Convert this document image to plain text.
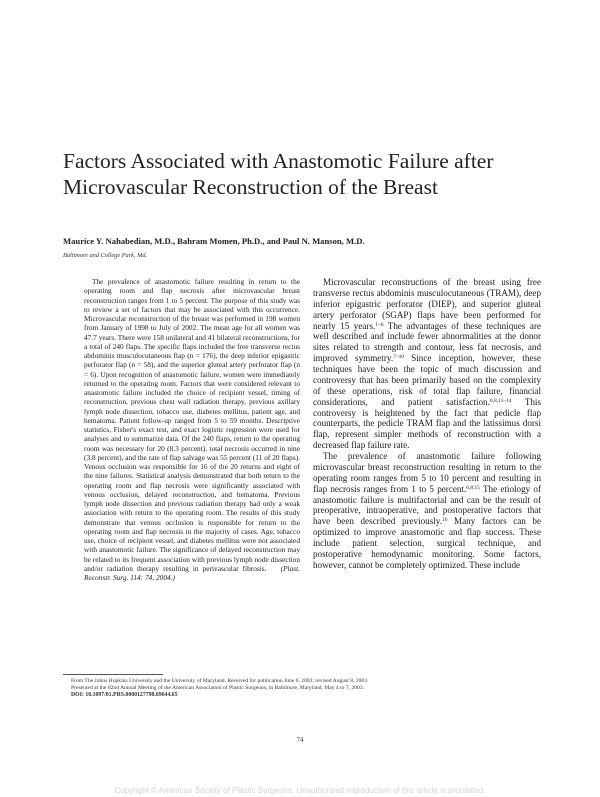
Factors Associated with Anastomotic Failure after Microvascular Reconstruction of the Breast
Maurice Y. Nahabedian, M.D., Bahram Momen, Ph.D., and Paul N. Manson, M.D.
Baltimore and College Park, Md.
The prevalence of anastomotic failure resulting in return to the operating room and flap necrosis after microvascular breast reconstruction ranges from 1 to 5 percent. The purpose of this study was to review a set of factors that may be associated with this occurrence. Microvascular reconstruction of the breast was performed in 198 women from January of 1998 to July of 2002. The mean age for all women was 47.7 years. There were 158 unilateral and 41 bilateral reconstructions, for a total of 240 flaps. The specific flaps included the free transverse rectus abdominis musculocutaneous flap (n = 176), the deep inferior epigastric perforator flap (n = 58), and the superior gluteal artery perforator flap (n = 6). Upon recognition of anastomotic failure, women were immediately returned to the operating room. Factors that were considered relevant to anastomotic failure included the choice of recipient vessel, timing of reconstruction, previous chest wall radiation therapy, previous axillary lymph node dissection, tobacco use, diabetes mellitus, patient age, and hematoma. Patient follow-up ranged from 5 to 59 months. Descriptive statistics, Fisher's exact test, and exact logistic regression were used for analyses and to summarize data. Of the 240 flaps, return to the operating room was necessary for 20 (8.3 percent), total necrosis occurred in nine (3.8 percent), and the rate of flap salvage was 55 percent (11 of 20 flaps). Venous occlusion was responsible for 16 of the 20 returns and eight of the nine failures. Statistical analysis demonstrated that both return to the operating room and flap necrosis were significantly associated with venous occlusion, delayed reconstruction, and hematoma. Previous lymph node dissection and previous radiation therapy had only a weak association with return to the operating room. The results of this study demonstrate that venous occlusion is responsible for return to the operating room and flap necrosis in the majority of cases. Age, tobacco use, choice of recipient vessel, and diabetes mellitus were not associated with anastomotic failure. The significance of delayed reconstruction may be related to its frequent association with previous lymph node dissection and/or radiation therapy resulting in perivascular fibrosis. (Plast. Reconstr. Surg. 114: 74, 2004.)

Microvascular reconstructions of the breast using free transverse rectus abdominis musculocutaneous (TRAM), deep inferior epigastric perforator (DIEP), and superior gluteal artery perforator (SGAP) flaps have been performed for nearly 15 years.$^{1-6}$ The advantages of these techniques are well described and include fewer abnormalities at the donor sites related to strength and contour, less fat necrosis, and improved symmetry.$^{7-10}$ Since inception, however, these techniques have been the topic of much discussion and controversy that has been primarily based on the complexity of these operations, risk of total flap failure, financial considerations, and patient satisfaction.$^{6,8,11-14}$ This controversy is heightened by the fact that pedicle flap counterparts, the pedicle TRAM flap and the latissimus dorsi flap, represent simpler methods of reconstruction with a decreased flap failure rate.

The prevalence of anastomotic failure following microvascular breast reconstruction resulting in return to the operating room ranges from 5 to 10 percent and resulting in flap necrosis ranges from 1 to 5 percent.$^{6,8,15}$ The etiology of anastomotic failure is multifactorial and can be the result of preoperative, intraoperative, and postoperative factors that have been described previously.$^{16}$ Many factors can be optimized to improve anastomotic and flap success. These include patient selection, surgical technique, and postoperative hemodynamic monitoring. Some factors, however, cannot be completely optimized. These include

From The Johns Hopkins University and the University of Maryland. Received for publication June 6, 2003; revised August 8, 2003.
Presented at the 82nd Annual Meeting of the American Association of Plastic Surgeons, in Baltimore, Maryland, May 4 to 7, 2003.
DOI: 10.1097/01.PRS.0000127798.69644.65
74
Copyright © American Society of Plastic Surgeons. Unauthorized reproduction of this article is prohibited.
